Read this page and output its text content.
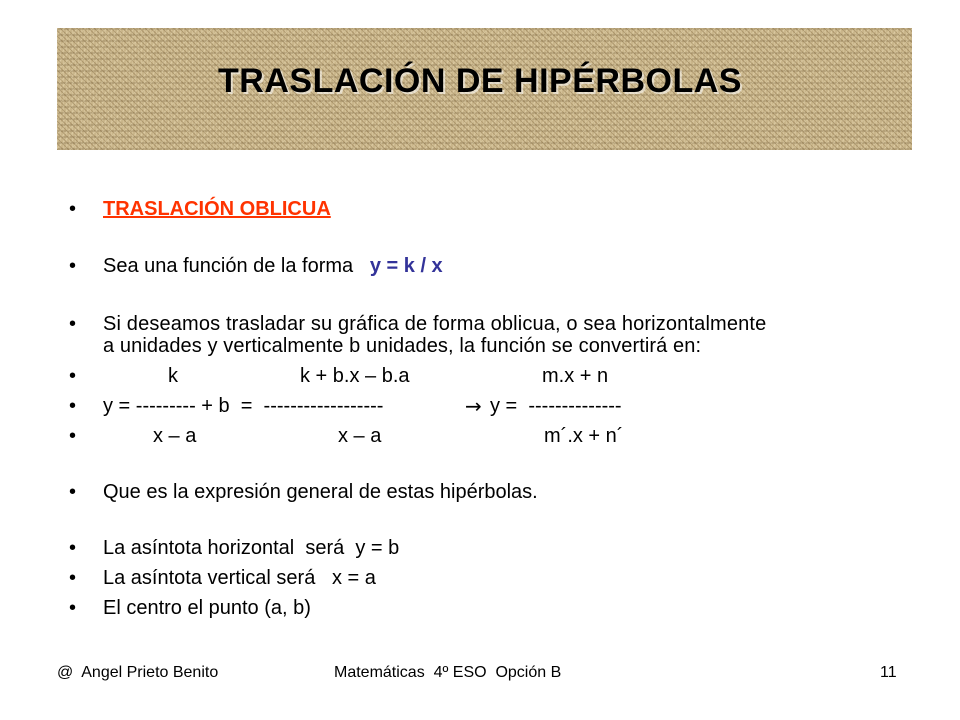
TRASLACIÓN DE HIPÉRBOLAS
• TRASLACIÓN OBLICUA
• Sea una función de la forma y = k / x
• Si deseamos trasladar su gráfica de forma oblicua, o sea horizontalmente
a unidades y verticalmente b unidades, la función se convertirá en:
•	k	k + b.x – b.a	m.x + n
• y = --------- + b  =  ------------------	→ y =  --------------
•	x – a	x – a	m´.x + n´
• Que es la expresión general de estas hipérbolas.
• La asíntota horizontal  será  y = b
• La asíntota vertical será   x = a
• El centro el punto (a, b)
@  Angel Prieto Benito	Matemáticas  4º ESO  Opción B	11
